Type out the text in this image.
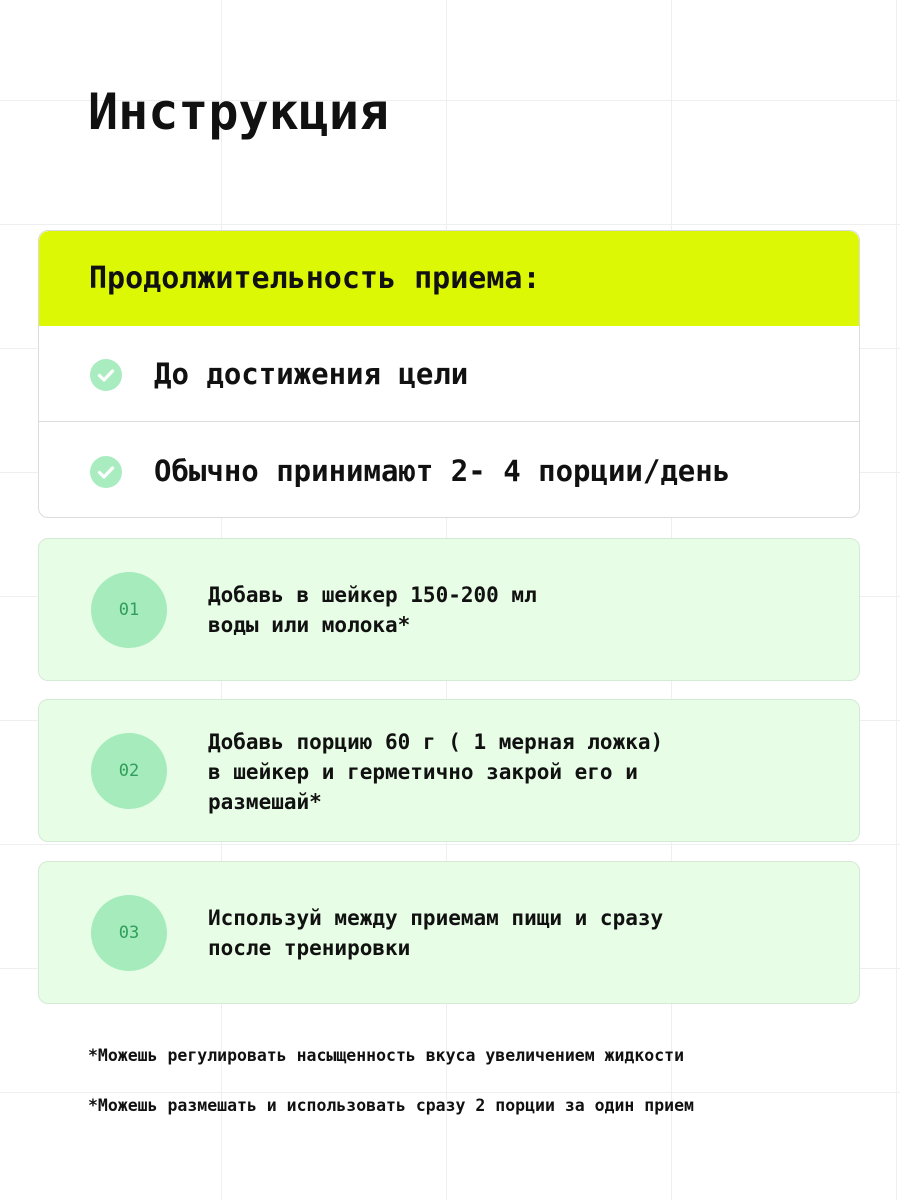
Инструкция
Продолжительность приема:
До достижения цели
Обычно принимают 2- 4 порции/день
01
Добавь в шейкер 150-200 мл
воды или молока*
02
Добавь порцию 60 г ( 1 мерная ложка)
в шейкер и герметично закрой его и
размешай*
03
Используй между приемам пищи и сразу
после тренировки
*Можешь регулировать насыщенность вкуса увеличением жидкости
*Можешь размешать и использовать сразу 2 порции за один прием
